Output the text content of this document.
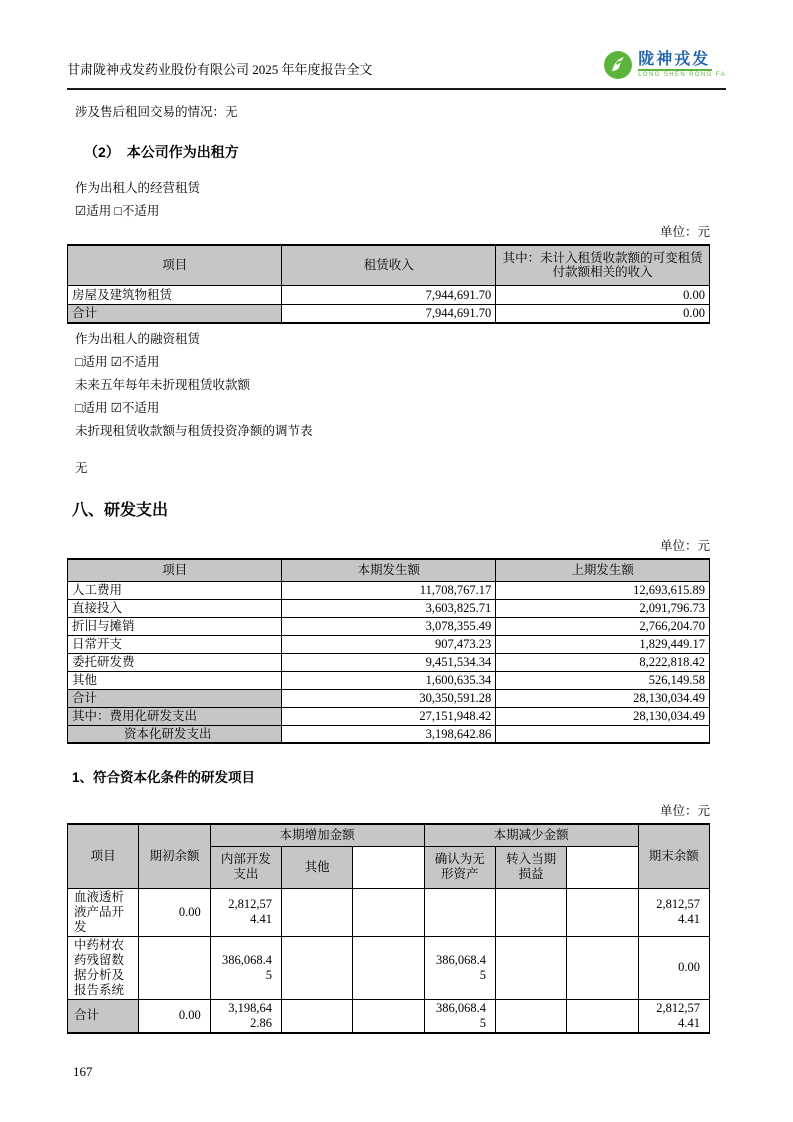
甘肃陇神戎发药业股份有限公司 2025 年年度报告全文
陇神戎发
LONG SHEN RONG FA
涉及售后租回交易的情况：无
（2）　本公司作为出租方
作为出租人的经营租赁
☑适用 □不适用
单位：元
项目	租赁收入	其中：未计入租赁收款额的可变租赁付款额相关的收入
房屋及建筑物租赁	7,944,691.70	0.00
合计	7,944,691.70	0.00
作为出租人的融资租赁
□适用 ☑不适用
未来五年每年未折现租赁收款额
□适用 ☑不适用
未折现租赁收款额与租赁投资净额的调节表
无
八、研发支出
单位：元
项目	本期发生额	上期发生额
人工费用	11,708,767.17	12,693,615.89
直接投入	3,603,825.71	2,091,796.73
折旧与摊销	3,078,355.49	2,766,204.70
日常开支	907,473.23	1,829,449.17
委托研发费	9,451,534.34	8,222,818.42
其他	1,600,635.34	526,149.58
合计	30,350,591.28	28,130,034.49
其中：费用化研发支出	27,151,948.42	28,130,034.49
资本化研发支出	3,198,642.86	
1、符合资本化条件的研发项目
单位：元
项目	期初余额	本期增加金额			本期减少金额			期末余额
		内部开发支出	其他		确认为无形资产	转入当期损益		
血液透析液产品开发	0.00	2,812,574.41						2,812,574.41
中药材农药残留数据分析及报告系统		386,068.45			386,068.45			0.00
合计	0.00	3,198,642.86			386,068.45			2,812,574.41
167
